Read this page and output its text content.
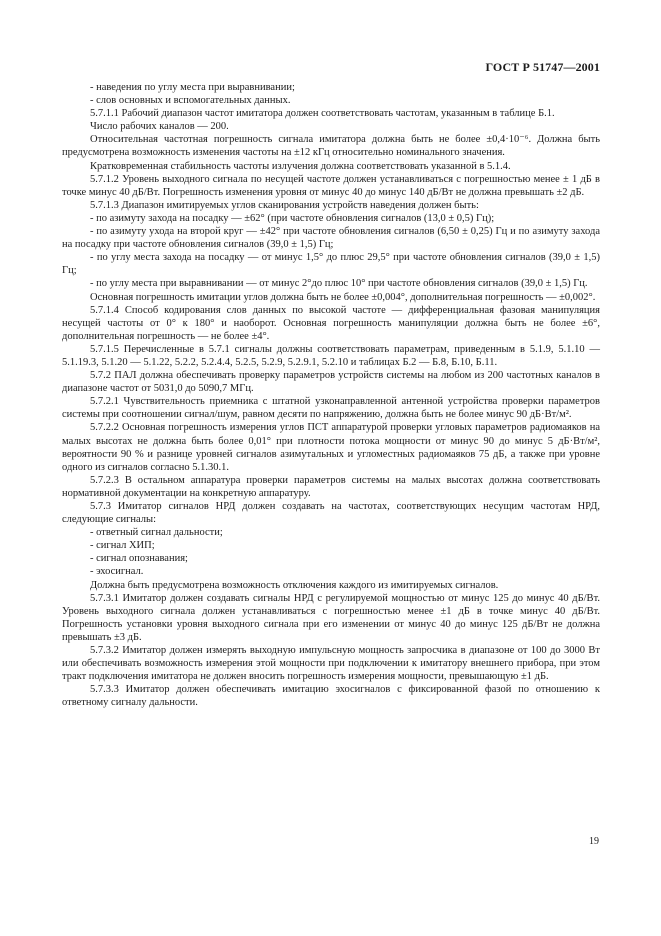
ГОСТ Р 51747—2001

- наведения по углу места при выравнивании;

- слов основных и вспомогательных данных.

5.7.1.1 Рабочий диапазон частот имитатора должен соответствовать частотам, указанным в таблице Б.1.

Число рабочих каналов — 200.

Относительная частотная погрешность сигнала имитатора должна быть не более ±0,4·10⁻⁶. Должна быть предусмотрена возможность изменения частоты на ±12 кГц относительно номинального значения.

Кратковременная стабильность частоты излучения должна соответствовать указанной в 5.1.4.

5.7.1.2 Уровень выходного сигнала по несущей частоте должен устанавливаться с погрешностью менее ± 1 дБ в точке минус 40 дБ/Вт. Погрешность изменения уровня от минус 40 до минус 140 дБ/Вт не должна превышать ±2 дБ.

5.7.1.3 Диапазон имитируемых углов сканирования устройств наведения должен быть:

- по азимуту захода на посадку — ±62° (при частоте обновления сигналов (13,0 ± 0,5) Гц);

- по азимуту ухода на второй круг — ±42° при частоте обновления сигналов (6,50 ± 0,25) Гц и по азимуту захода на посадку при частоте обновления сигналов (39,0 ± 1,5) Гц;

- по углу места захода на посадку — от минус 1,5° до плюс 29,5° при частоте обновления сигналов (39,0 ± 1,5) Гц;

- по углу места при выравнивании — от минус 2°до плюс 10° при частоте обновления сигналов (39,0 ± 1,5) Гц.

Основная погрешность имитации углов должна быть не более ±0,004°, дополнительная погрешность — ±0,002°.

5.7.1.4 Способ кодирования слов данных по высокой частоте — дифференциальная фазовая манипуляция несущей частоты от 0° к 180° и наоборот. Основная погрешность манипуляции должна быть не более ±6°, дополнительная погрешность — не более ±4°.

5.7.1.5 Перечисленные в 5.7.1 сигналы должны соответствовать параметрам, приведенным в 5.1.9, 5.1.10 — 5.1.19.3, 5.1.20 — 5.1.22, 5.2.2, 5.2.4.4, 5.2.5, 5.2.9, 5.2.9.1, 5.2.10 и таблицах Б.2 — Б.8, Б.10, Б.11.

5.7.2 ПАЛ должна обеспечивать проверку параметров устройств системы на любом из 200 частотных каналов в диапазоне частот от 5031,0 до 5090,7 МГц.

5.7.2.1 Чувствительность приемника с штатной узконаправленной антенной устройства проверки параметров системы при соотношении сигнал/шум, равном десяти по напряжению, должна быть не более минус 90 дБ·Вт/м².

5.7.2.2 Основная погрешность измерения углов ПСТ аппаратурой проверки угловых параметров радиомаяков на малых высотах не должна быть более 0,01° при плотности потока мощности от минус 90 до минус 5 дБ·Вт/м², вероятности 90 % и разнице уровней сигналов азимутальных и угломестных радиомаяков 75 дБ, а также при уровне одного из сигналов согласно 5.1.30.1.

5.7.2.3 В остальном аппаратура проверки параметров системы на малых высотах должна соответствовать нормативной документации на конкретную аппаратуру.

5.7.3 Имитатор сигналов НРД должен создавать на частотах, соответствующих несущим частотам НРД, следующие сигналы:

- ответный сигнал дальности;

- сигнал ХИП;

- сигнал опознавания;

- эхосигнал.

Должна быть предусмотрена возможность отключения каждого из имитируемых сигналов.

5.7.3.1 Имитатор должен создавать сигналы НРД с регулируемой мощностью от минус 125 до минус 40 дБ/Вт. Уровень выходного сигнала должен устанавливаться с погрешностью менее ±1 дБ в точке минус 40 дБ/Вт. Погрешность установки уровня выходного сигнала при его изменении от минус 40 до минус 125 дБ/Вт не должна превышать ±3 дБ.

5.7.3.2 Имитатор должен измерять выходную импульсную мощность запросчика в диапазоне от 100 до 3000 Вт или обеспечивать возможность измерения этой мощности при подключении к имитатору внешнего прибора, при этом тракт подключения имитатора не должен вносить погрешность измерения мощности, превышающую ±1 дБ.

5.7.3.3 Имитатор должен обеспечивать имитацию эхосигналов с фиксированной фазой по отношению к ответному сигналу дальности.

19
